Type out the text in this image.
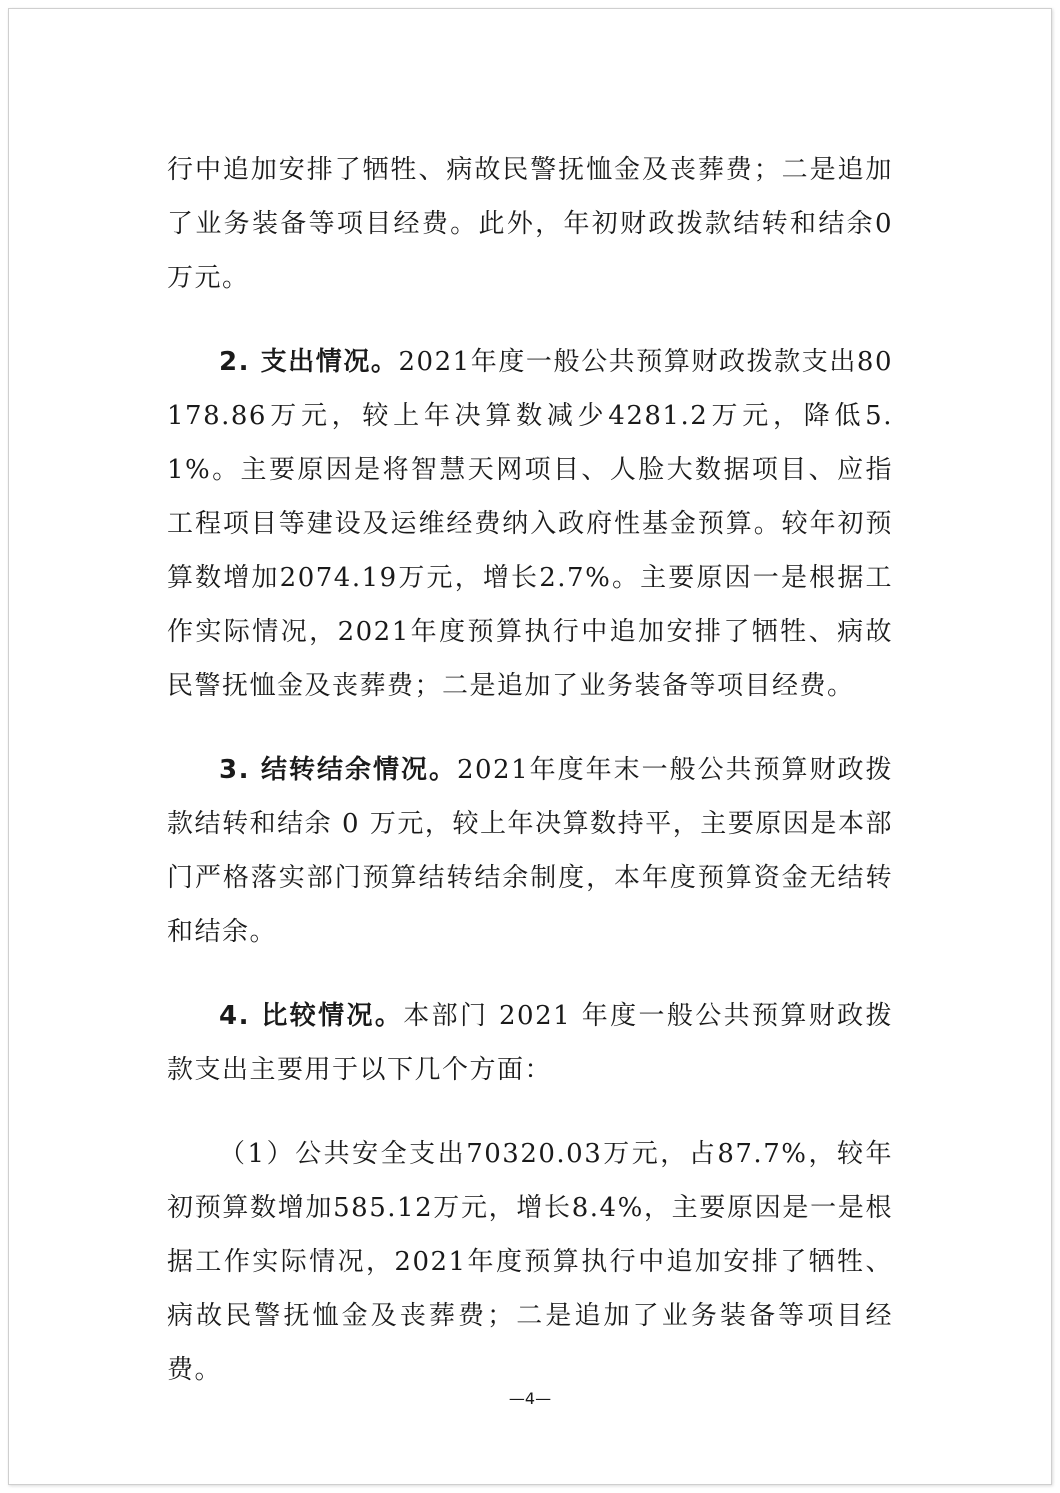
行中追加安排了牺牲、病故民警抚恤金及丧葬费；二是追加了业务装备等项目经费。此外，年初财政拨款结转和结余0万元。

2. 支出情况。2021年度一般公共预算财政拨款支出80178.86万元，较上年决算数减少4281.2万元，降低5.1%。主要原因是将智慧天网项目、人脸大数据项目、应指工程项目等建设及运维经费纳入政府性基金预算。较年初预算数增加2074.19万元，增长2.7%。主要原因一是根据工作实际情况，2021年度预算执行中追加安排了牺牲、病故民警抚恤金及丧葬费；二是追加了业务装备等项目经费。

3. 结转结余情况。2021年度年末一般公共预算财政拨款结转和结余 0 万元，较上年决算数持平，主要原因是本部门严格落实部门预算结转结余制度，本年度预算资金无结转和结余。

4. 比较情况。本部门 2021 年度一般公共预算财政拨款支出主要用于以下几个方面：

（1）公共安全支出70320.03万元，占87.7%，较年初预算数增加585.12万元，增长8.4%，主要原因是一是根据工作实际情况，2021年度预算执行中追加安排了牺牲、病故民警抚恤金及丧葬费；二是追加了业务装备等项目经费。

—4—
